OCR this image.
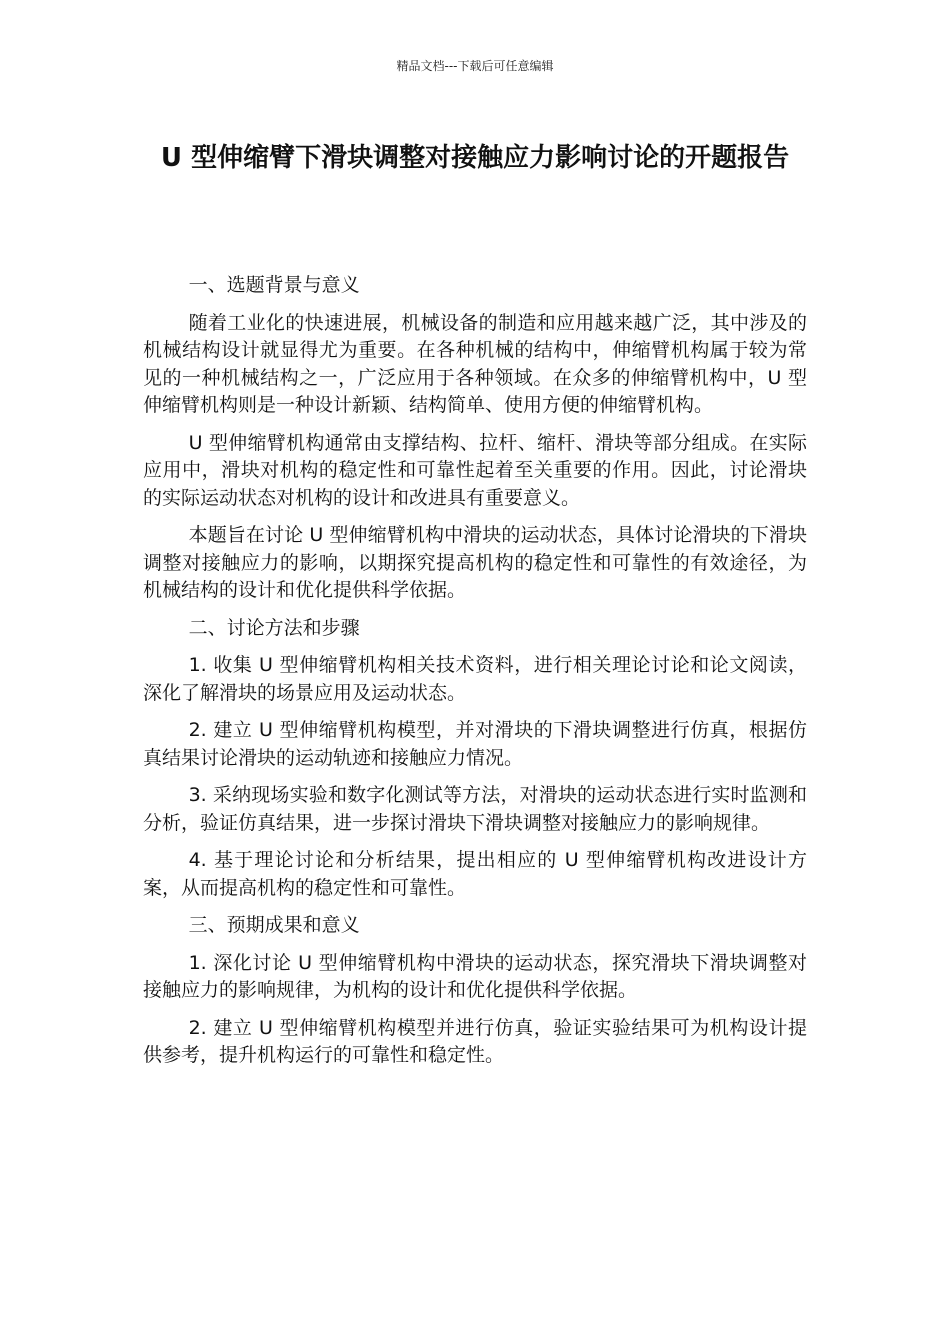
精品文档---下载后可任意编辑
U 型伸缩臂下滑块调整对接触应力影响讨论的开题报告
一、选题背景与意义

随着工业化的快速进展，机械设备的制造和应用越来越广泛，其中涉及的机械结构设计就显得尤为重要。在各种机械的结构中，伸缩臂机构属于较为常见的一种机械结构之一，广泛应用于各种领域。在众多的伸缩臂机构中，U 型伸缩臂机构则是一种设计新颖、结构简单、使用方便的伸缩臂机构。

U 型伸缩臂机构通常由支撑结构、拉杆、缩杆、滑块等部分组成。在实际应用中，滑块对机构的稳定性和可靠性起着至关重要的作用。因此，讨论滑块的实际运动状态对机构的设计和改进具有重要意义。

本题旨在讨论 U 型伸缩臂机构中滑块的运动状态，具体讨论滑块的下滑块调整对接触应力的影响，以期探究提高机构的稳定性和可靠性的有效途径，为机械结构的设计和优化提供科学依据。

二、讨论方法和步骤

1. 收集 U 型伸缩臂机构相关技术资料，进行相关理论讨论和论文阅读，深化了解滑块的场景应用及运动状态。

2. 建立 U 型伸缩臂机构模型，并对滑块的下滑块调整进行仿真，根据仿真结果讨论滑块的运动轨迹和接触应力情况。

3. 采纳现场实验和数字化测试等方法，对滑块的运动状态进行实时监测和分析，验证仿真结果，进一步探讨滑块下滑块调整对接触应力的影响规律。

4. 基于理论讨论和分析结果，提出相应的 U 型伸缩臂机构改进设计方案，从而提高机构的稳定性和可靠性。

三、预期成果和意义

1. 深化讨论 U 型伸缩臂机构中滑块的运动状态，探究滑块下滑块调整对接触应力的影响规律，为机构的设计和优化提供科学依据。

2. 建立 U 型伸缩臂机构模型并进行仿真，验证实验结果可为机构设计提供参考，提升机构运行的可靠性和稳定性。
